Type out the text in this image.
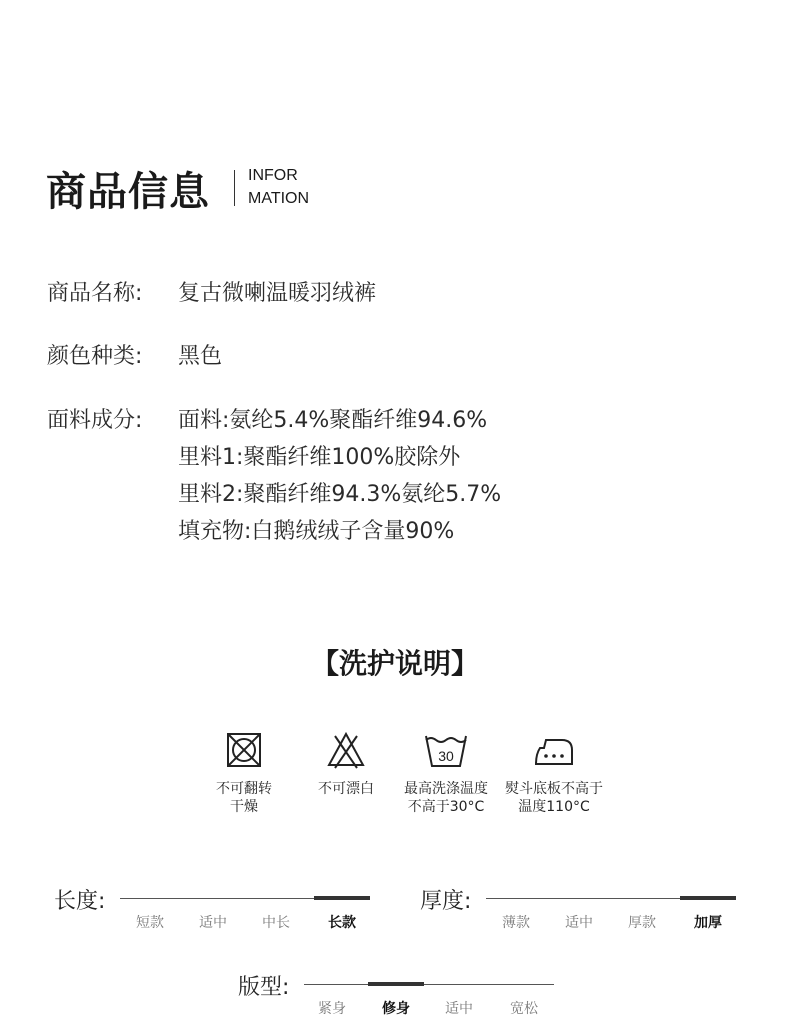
商品信息 INFOR
MATION
商品名称: 复古微喇温暖羽绒裤
颜色种类: 黑色
面料成分: 面料:氨纶5.4%聚酯纤维94.6%
里料1:聚酯纤维100%胶除外
里料2:聚酯纤维94.3%氨纶5.7%
填充物:白鹅绒绒子含量90%
【洗护说明】
不可翻转
干燥
不可漂白
30
最高洗涤温度
不高于30°C
熨斗底板不高于
温度110°C
长度:
短款	适中	中长	长款
厚度:
薄款	适中	厚款	加厚
版型:
紧身	修身	适中	宽松
